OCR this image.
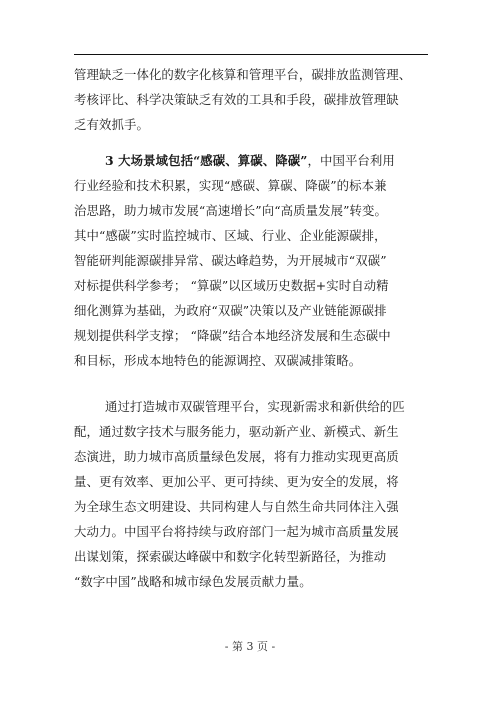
管理缺乏一体化的数字化核算和管理平台，碳排放监测管理、
考核评比、科学决策缺乏有效的工具和手段，碳排放管理缺
乏有效抓手。
3 大场景域包括“感碳、算碳、降碳”，中国平台利用
行业经验和技术积累，实现“感碳、算碳、降碳”的标本兼
治思路，助力城市发展“高速增长”向“高质量发展”转变。
其中“感碳”实时监控城市、区域、行业、企业能源碳排，
智能研判能源碳排异常、碳达峰趋势，为开展城市“双碳”
对标提供科学参考； “算碳”以区域历史数据+实时自动精
细化测算为基础，为政府“双碳”决策以及产业链能源碳排
规划提供科学支撑； “降碳”结合本地经济发展和生态碳中
和目标，形成本地特色的能源调控、双碳减排策略。
通过打造城市双碳管理平台，实现新需求和新供给的匹
配，通过数字技术与服务能力，驱动新产业、新模式、新生
态演进，助力城市高质量绿色发展，将有力推动实现更高质
量、更有效率、更加公平、更可持续、更为安全的发展，将
为全球生态文明建设、共同构建人与自然生命共同体注入强
大动力。中国平台将持续与政府部门一起为城市高质量发展
出谋划策，探索碳达峰碳中和数字化转型新路径，为推动
“数字中国”战略和城市绿色发展贡献力量。
- 第 3 页 -
